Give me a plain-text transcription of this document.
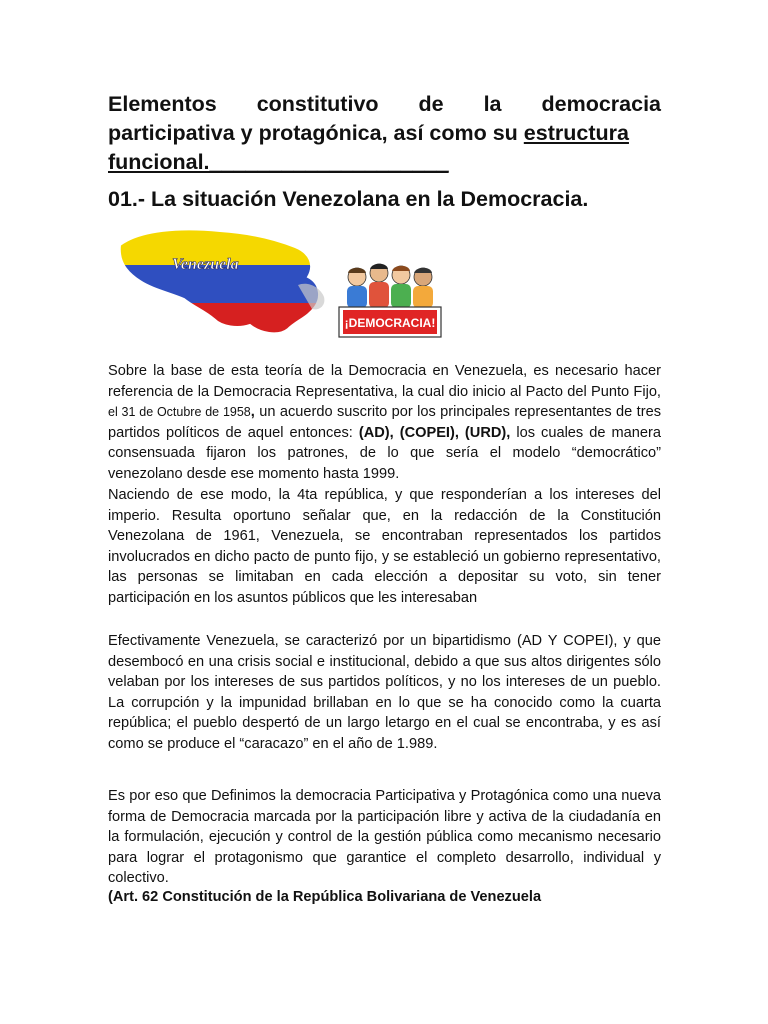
Elementos constitutivo de la democracia
participativa y protagónica, así como su estructura
funcional.____________________
01.- La situación Venezolana en la Democracia.
Venezuela
¡DEMOCRACIA!

Sobre la base de esta teoría de la Democracia en Venezuela, es necesario hacer referencia de la Democracia Representativa, la cual dio inicio al Pacto del Punto Fijo, el 31 de Octubre de 1958, un acuerdo suscrito por los principales representantes de tres partidos políticos de aquel entonces: (AD), (COPEI), (URD), los cuales de manera consensuada fijaron los patrones, de lo que sería el modelo “democrático” venezolano desde ese momento hasta 1999.

Naciendo de ese modo, la 4ta república, y que responderían a los intereses del imperio. Resulta oportuno señalar que, en la redacción de la Constitución Venezolana de 1961, Venezuela, se encontraban representados los partidos involucrados en dicho pacto de punto fijo, y se estableció un gobierno representativo, las personas se limitaban en cada elección a depositar su voto, sin tener participación en los asuntos públicos que les interesaban

Efectivamente Venezuela, se caracterizó por un bipartidismo (AD Y COPEI), y que desembocó en una crisis social e institucional, debido a que sus altos dirigentes sólo velaban por los intereses de sus partidos políticos, y no los intereses de un pueblo. La corrupción y la impunidad brillaban en lo que se ha conocido como la cuarta república; el pueblo despertó de un largo letargo en el cual se encontraba, y es así como se produce el “caracazo” en el año de 1.989.

Es por eso que Definimos la democracia Participativa y Protagónica como una nueva forma de Democracia marcada por la participación libre y activa de la ciudadanía en la formulación, ejecución y control de la gestión pública como mecanismo necesario para lograr el protagonismo que garantice el completo desarrollo, individual y colectivo.

(Art. 62 Constitución de la República Bolivariana de Venezuela
